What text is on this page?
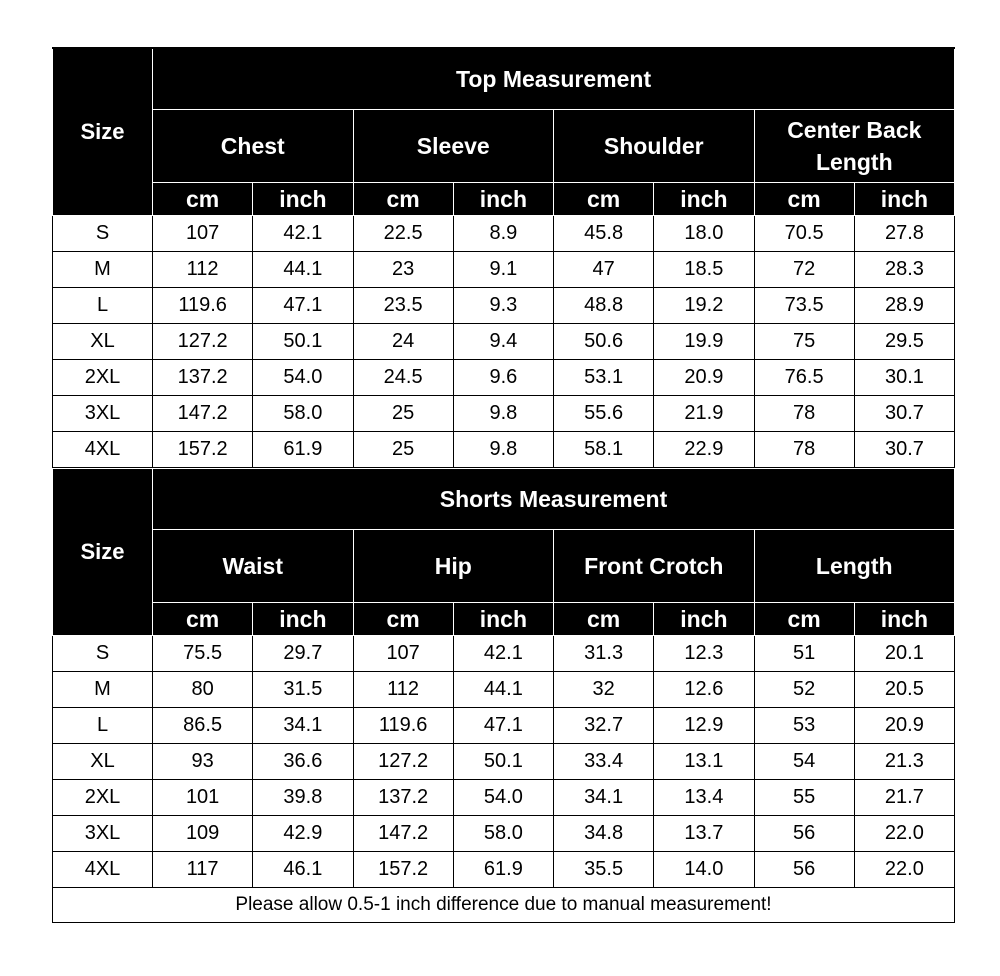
Size	Top Measurement							
	Chest		Sleeve		Shoulder		Center Back Length	
	cm	inch	cm	inch	cm	inch	cm	inch
S	107	42.1	22.5	8.9	45.8	18.0	70.5	27.8
M	112	44.1	23	9.1	47	18.5	72	28.3
L	119.6	47.1	23.5	9.3	48.8	19.2	73.5	28.9
XL	127.2	50.1	24	9.4	50.6	19.9	75	29.5
2XL	137.2	54.0	24.5	9.6	53.1	20.9	76.5	30.1
3XL	147.2	58.0	25	9.8	55.6	21.9	78	30.7
4XL	157.2	61.9	25	9.8	58.1	22.9	78	30.7
Size	Shorts Measurement							
	Waist		Hip		Front Crotch		Length	
	cm	inch	cm	inch	cm	inch	cm	inch
S	75.5	29.7	107	42.1	31.3	12.3	51	20.1
M	80	31.5	112	44.1	32	12.6	52	20.5
L	86.5	34.1	119.6	47.1	32.7	12.9	53	20.9
XL	93	36.6	127.2	50.1	33.4	13.1	54	21.3
2XL	101	39.8	137.2	54.0	34.1	13.4	55	21.7
3XL	109	42.9	147.2	58.0	34.8	13.7	56	22.0
4XL	117	46.1	157.2	61.9	35.5	14.0	56	22.0
Please allow 0.5-1 inch difference due to manual measurement!								
